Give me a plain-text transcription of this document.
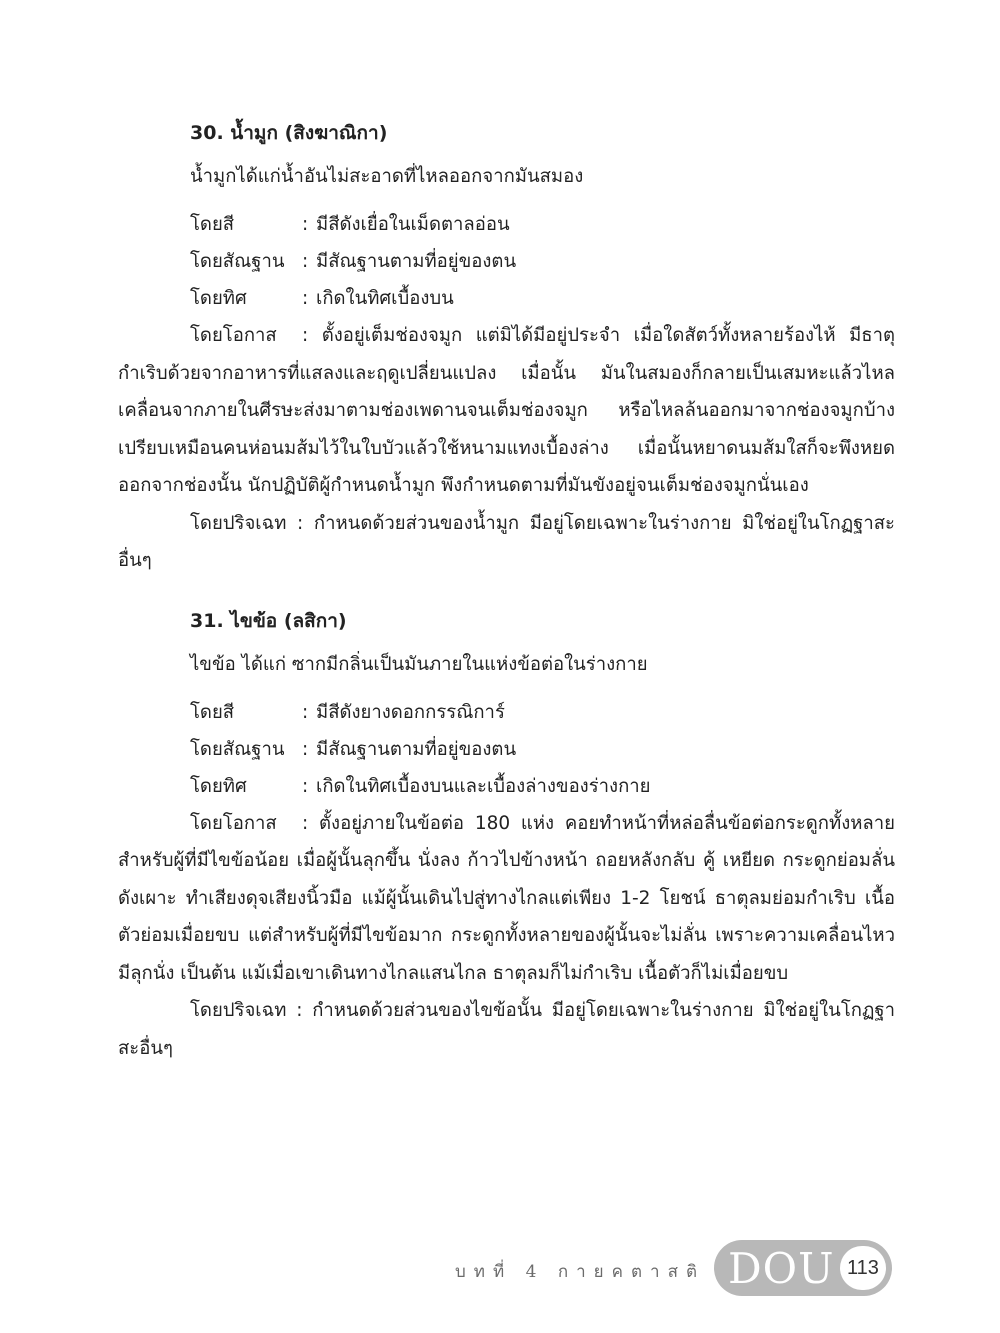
30. น้ำมูก (สิงฆาณิกา)
น้ำมูกได้แก่น้ำอันไม่สะอาดที่ไหลออกจากมันสมอง
โดยสี	: มีสีดังเยื่อในเม็ดตาลอ่อน
โดยสัณฐาน : มีสัณฐานตามที่อยู่ของตน
โดยทิศ	: เกิดในทิศเบื้องบน

โดยโอกาส : ตั้งอยู่เต็มช่องจมูก แต่มิได้มีอยู่ประจำ เมื่อใดสัตว์ทั้งหลายร้องไห้ มีธาตุกำเริบด้วยจากอาหารที่แสลงและฤดูเปลี่ยนแปลง เมื่อนั้น มันในสมองก็กลายเป็นเสมหะแล้วไหลเคลื่อนจากภายในศีรษะส่งมาตามช่องเพดานจนเต็มช่องจมูก หรือไหลล้นออกมาจากช่องจมูกบ้าง เปรียบเหมือนคนห่อนมส้มไว้ในใบบัวแล้วใช้หนามแทงเบื้องล่าง เมื่อนั้นหยาดนมส้มใสก็จะพึงหยดออกจากช่องนั้น นักปฏิบัติผู้กำหนดน้ำมูก พึงกำหนดตามที่มันขังอยู่จนเต็มช่องจมูกนั่นเอง

โดยปริจเฉท : กำหนดด้วยส่วนของน้ำมูก มีอยู่โดยเฉพาะในร่างกาย มิใช่อยู่ในโกฏฐาสะอื่นๆ

31. ไขข้อ (ลสิกา)
ไขข้อ ได้แก่ ซากมีกลิ่นเป็นมันภายในแห่งข้อต่อในร่างกาย
โดยสี	: มีสีดังยางดอกกรรณิการ์
โดยสัณฐาน : มีสัณฐานตามที่อยู่ของตน
โดยทิศ	: เกิดในทิศเบื้องบนและเบื้องล่างของร่างกาย

โดยโอกาส : ตั้งอยู่ภายในข้อต่อ 180 แห่ง คอยทำหน้าที่หล่อลื่นข้อต่อกระดูกทั้งหลาย สำหรับผู้ที่มีไขข้อน้อย เมื่อผู้นั้นลุกขึ้น นั่งลง ก้าวไปข้างหน้า ถอยหลังกลับ คู้ เหยียด กระดูกย่อมลั่นดังเผาะ ทำเสียงดุจเสียงนิ้วมือ แม้ผู้นั้นเดินไปสู่ทางไกลแต่เพียง 1-2 โยชน์ ธาตุลมย่อมกำเริบ เนื้อตัวย่อมเมื่อยขบ แต่สำหรับผู้ที่มีไขข้อมาก กระดูกทั้งหลายของผู้นั้นจะไม่ลั่น เพราะความเคลื่อนไหวมีลุกนั่ง เป็นต้น แม้เมื่อเขาเดินทางไกลแสนไกล ธาตุลมก็ไม่กำเริบ เนื้อตัวก็ไม่เมื่อยขบ

โดยปริจเฉท : กำหนดด้วยส่วนของไขข้อนั้น มีอยู่โดยเฉพาะในร่างกาย มิใช่อยู่ในโกฏฐาสะอื่นๆ

บทที่ 4 กายคตาสติ DOU 113
